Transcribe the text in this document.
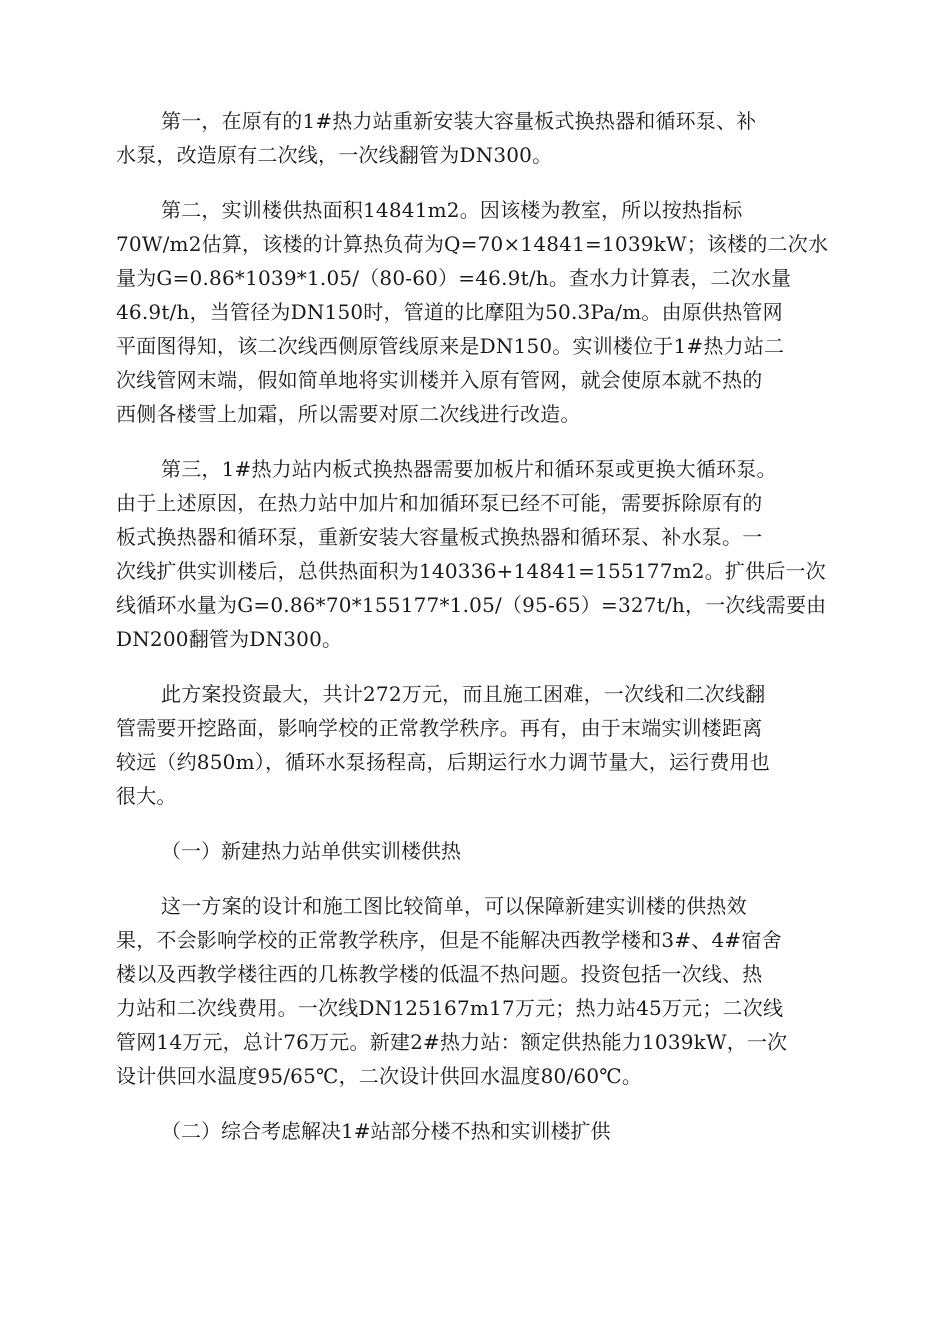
第一，在原有的1#热力站重新安装大容量板式换热器和循环泵、补
水泵，改造原有二次线，一次线翻管为DN300。

第二，实训楼供热面积14841m2。因该楼为教室，所以按热指标
70W/m2估算，该楼的计算热负荷为Q=70×14841=1039kW；该楼的二次水
量为G=0.86*1039*1.05/（80-60）=46.9t/h。查水力计算表，二次水量
46.9t/h，当管径为DN150时，管道的比摩阻为50.3Pa/m。由原供热管网
平面图得知，该二次线西侧原管线原来是DN150。实训楼位于1#热力站二
次线管网末端，假如简单地将实训楼并入原有管网，就会使原本就不热的
西侧各楼雪上加霜，所以需要对原二次线进行改造。

第三，1#热力站内板式换热器需要加板片和循环泵或更换大循环泵。
由于上述原因，在热力站中加片和加循环泵已经不可能，需要拆除原有的
板式换热器和循环泵，重新安装大容量板式换热器和循环泵、补水泵。一
次线扩供实训楼后，总供热面积为140336+14841=155177m2。扩供后一次
线循环水量为G=0.86*70*155177*1.05/（95-65）=327t/h，一次线需要由
DN200翻管为DN300。

此方案投资最大，共计272万元，而且施工困难，一次线和二次线翻
管需要开挖路面，影响学校的正常教学秩序。再有，由于末端实训楼距离
较远（约850m），循环水泵扬程高，后期运行水力调节量大，运行费用也
很大。

（一）新建热力站单供实训楼供热

这一方案的设计和施工图比较简单，可以保障新建实训楼的供热效
果，不会影响学校的正常教学秩序，但是不能解决西教学楼和3#、4#宿舍
楼以及西教学楼往西的几栋教学楼的低温不热问题。投资包括一次线、热
力站和二次线费用。一次线DN125167m17万元；热力站45万元；二次线
管网14万元，总计76万元。新建2#热力站：额定供热能力1039kW，一次
设计供回水温度95/65℃，二次设计供回水温度80/60℃。

（二）综合考虑解决1#站部分楼不热和实训楼扩供
